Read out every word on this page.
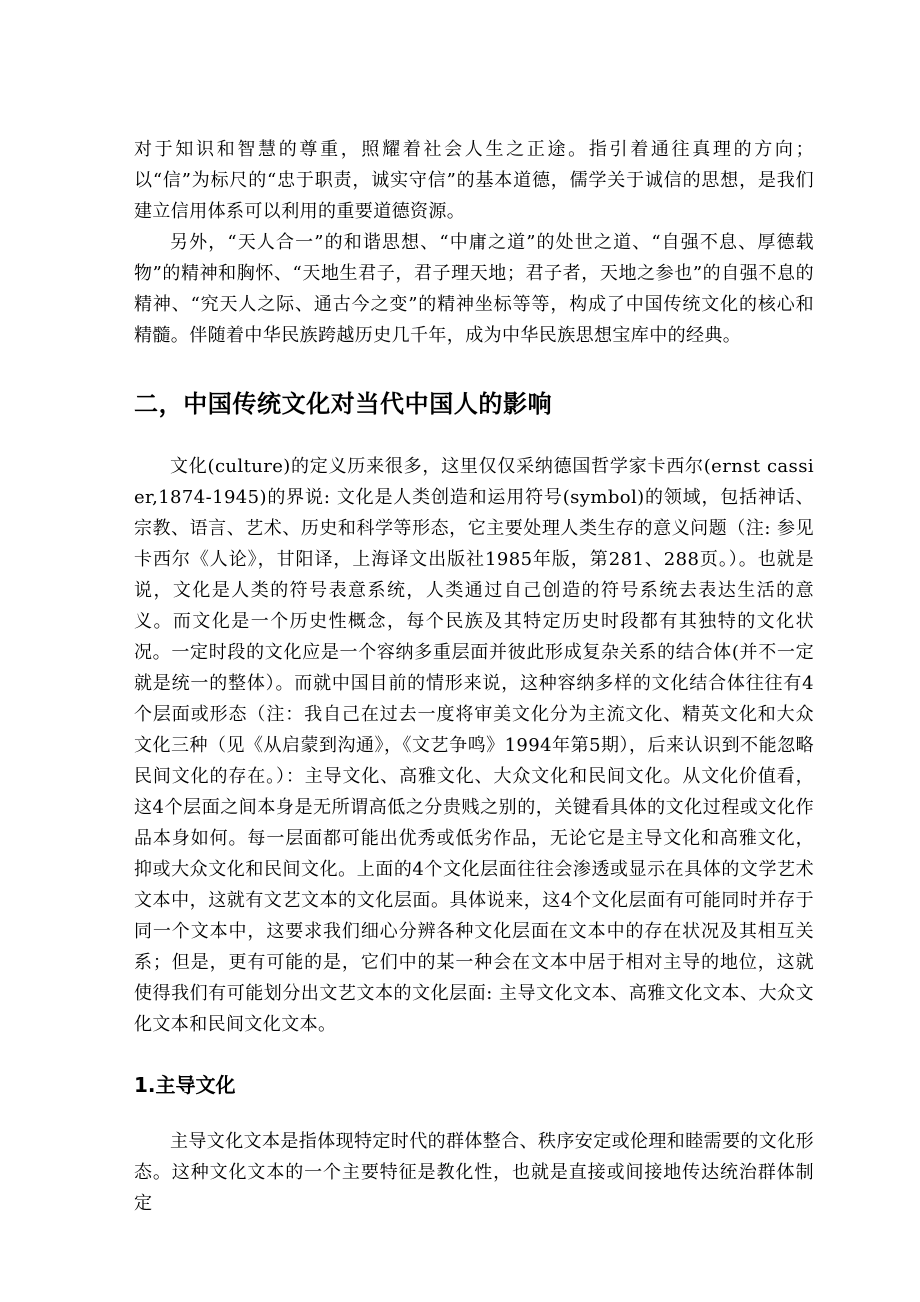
对于知识和智慧的尊重，照耀着社会人生之正途。指引着通往真理的方向；以“信”为标尺的“忠于职责，诚实守信”的基本道德，儒学关于诚信的思想，是我们建立信用体系可以利用的重要道德资源。

另外，“天人合一”的和谐思想、“中庸之道”的处世之道、“自强不息、厚德载物”的精神和胸怀、“天地生君子，君子理天地；君子者，天地之参也”的自强不息的精神、“究天人之际、通古今之变”的精神坐标等等，构成了中国传统文化的核心和精髓。伴随着中华民族跨越历史几千年，成为中华民族思想宝库中的经典。

二，中国传统文化对当代中国人的影响

文化(culture)的定义历来很多，这里仅仅采纳德国哲学家卡西尔(ernst cassier,1874-1945)的界说: 文化是人类创造和运用符号(symbol)的领域，包括神话、宗教、语言、艺术、历史和科学等形态，它主要处理人类生存的意义问题（注: 参见卡西尔《人论》，甘阳译，上海译文出版社1985年版，第281、288页。）。也就是说，文化是人类的符号表意系统，人类通过自己创造的符号系统去表达生活的意义。而文化是一个历史性概念，每个民族及其特定历史时段都有其独特的文化状况。一定时段的文化应是一个容纳多重层面并彼此形成复杂关系的结合体(并不一定就是统一的整体）。而就中国目前的情形来说，这种容纳多样的文化结合体往往有4个层面或形态（注：我自己在过去一度将审美文化分为主流文化、精英文化和大众文化三种（见《从启蒙到沟通》，《文艺争鸣》1994年第5期），后来认识到不能忽略民间文化的存在。）：主导文化、高雅文化、大众文化和民间文化。从文化价值看，这4个层面之间本身是无所谓高低之分贵贱之别的，关键看具体的文化过程或文化作品本身如何。每一层面都可能出优秀或低劣作品，无论它是主导文化和高雅文化，抑或大众文化和民间文化。上面的4个文化层面往往会渗透或显示在具体的文学艺术文本中，这就有文艺文本的文化层面。具体说来，这4个文化层面有可能同时并存于同一个文本中，这要求我们细心分辨各种文化层面在文本中的存在状况及其相互关系；但是，更有可能的是，它们中的某一种会在文本中居于相对主导的地位，这就使得我们有可能划分出文艺文本的文化层面: 主导文化文本、高雅文化文本、大众文化文本和民间文化文本。

1.主导文化

主导文化文本是指体现特定时代的群体整合、秩序安定或伦理和睦需要的文化形态。这种文化文本的一个主要特征是教化性，也就是直接或间接地传达统治群体制定
